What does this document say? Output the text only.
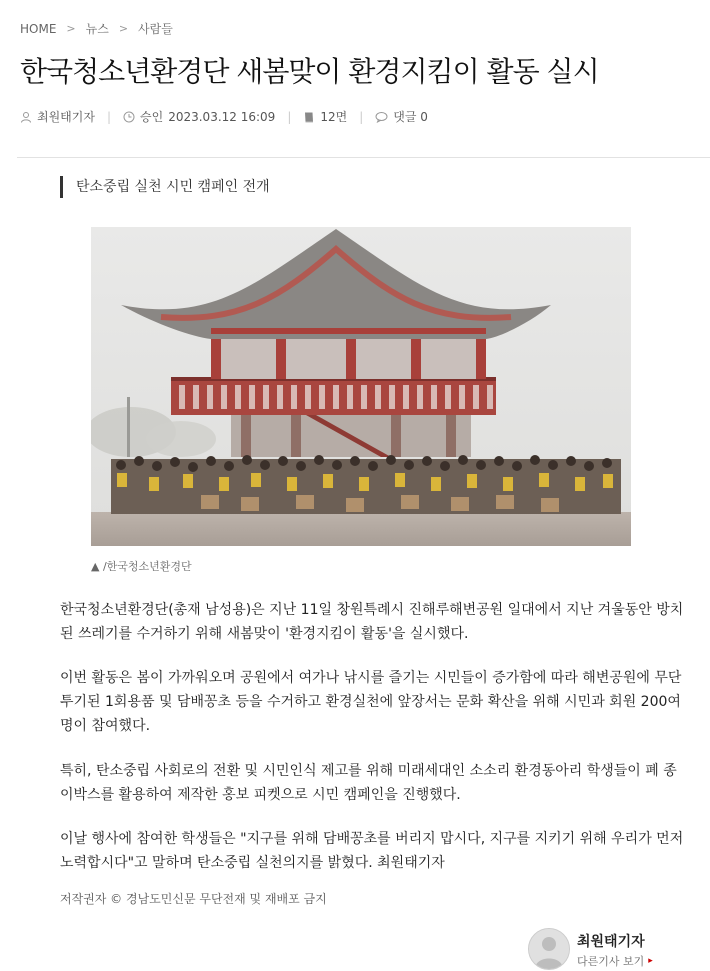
HOME > 뉴스 > 사람들
한국청소년환경단 새봄맞이 환경지킴이 활동 실시
최원태기자 | 승인 2023.03.12 16:09 | 12면 |	댓글 0
탄소중립 실천 시민 캠페인 전개
▲ /한국청소년환경단

한국청소년환경단(총재 남성용)은 지난 11일 창원특례시 진해루해변공원 일대에서 지난 겨울동안 방치된 쓰레기를 수거하기 위해 새봄맞이 '환경지킴이 활동'을 실시했다.

이번 활동은 봄이 가까워오며 공원에서 여가나 낚시를 즐기는 시민들이 증가함에 따라 해변공원에 무단 투기된 1회용품 및 담배꽁초 등을 수거하고 환경실천에 앞장서는 문화 확산을 위해 시민과 회원 200여 명이 참여했다.

특히, 탄소중립 사회로의 전환 및 시민인식 제고를 위해 미래세대인 소소리 환경동아리 학생들이 폐 종이박스를 활용하여 제작한 홍보 피켓으로 시민 캠페인을 진행했다.

이날 행사에 참여한 학생들은 "지구를 위해 담배꽁초를 버리지 맙시다, 지구를 지키기 위해 우리가 먼저 노력합시다"고 말하며 탄소중립 실천의지를 밝혔다. 최원태기자

저작권자 © 경남도민신문 무단전재 및 재배포 금지
최원태기자
다른기사 보기 ▸
